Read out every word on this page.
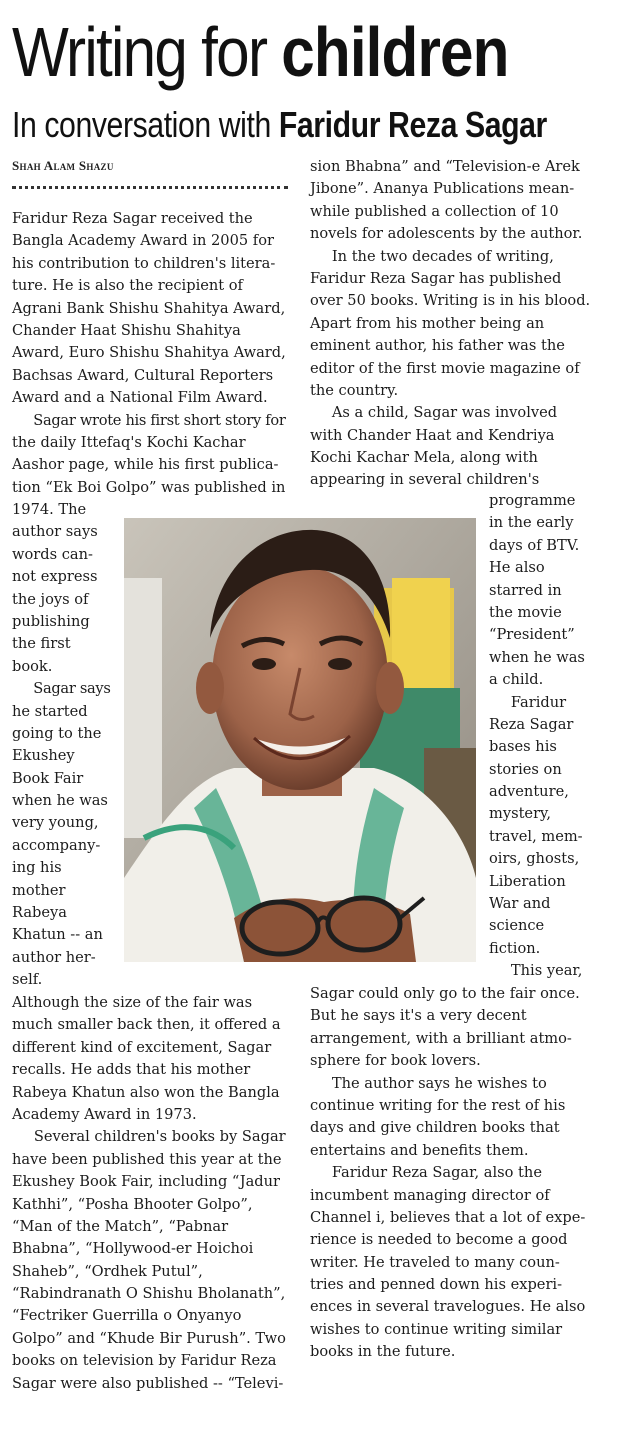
Writing for children
In conversation with Faridur Reza Sagar
Shah Alam Shazu
Faridur Reza Sagar received the
Bangla Academy Award in 2005 for
his contribution to children's litera-
ture. He is also the recipient of
Agrani Bank Shishu Shahitya Award,
Chander Haat Shishu Shahitya
Award, Euro Shishu Shahitya Award,
Bachsas Award, Cultural Reporters
Award and a National Film Award.
  Sagar wrote his first short story for
the daily Ittefaq's Kochi Kachar
Aashor page, while his first publica-
tion “Ek Boi Golpo” was published in
1974. The
author says
words can-
not express
the joys of
publishing
the first
book.
  Sagar says
he started
going to the
Ekushey
Book Fair
when he was
very young,
accompany-
ing his
mother
Rabeya
Khatun -- an
author her-
self.
Although the size of the fair was
much smaller back then, it offered a
different kind of excitement, Sagar
recalls. He adds that his mother
Rabeya Khatun also won the Bangla
Academy Award in 1973.
  Several children's books by Sagar
have been published this year at the
Ekushey Book Fair, including “Jadur
Kathhi”, “Posha Bhooter Golpo”,
“Man of the Match”, “Pabnar
Bhabna”, “Hollywood-er Hoichoi
Shaheb”, “Ordhek Putul”,
“Rabindranath O Shishu Bholanath”,
“Fectriker Guerrilla o Onyanyo
Golpo” and “Khude Bir Purush”. Two
books on television by Faridur Reza
Sagar were also published -- “Televi-
sion Bhabna” and “Television-e Arek
Jibone”. Ananya Publications mean-
while published a collection of 10
novels for adolescents by the author.
  In the two decades of writing,
Faridur Reza Sagar has published
over 50 books. Writing is in his blood.
Apart from his mother being an
eminent author, his father was the
editor of the first movie magazine of
the country.
  As a child, Sagar was involved
with Chander Haat and Kendriya
Kochi Kachar Mela, along with
appearing in several children's
programme
in the early
days of BTV.
He also
starred in
the movie
“President”
when he was
a child.
  Faridur
Reza Sagar
bases his
stories on
adventure,
mystery,
travel, mem-
oirs, ghosts,
Liberation
War and
science
fiction.
  This year,
Sagar could only go to the fair once.
But he says it's a very decent
arrangement, with a brilliant atmo-
sphere for book lovers.
  The author says he wishes to
continue writing for the rest of his
days and give children books that
entertains and benefits them.
  Faridur Reza Sagar, also the
incumbent managing director of
Channel i, believes that a lot of expe-
rience is needed to become a good
writer. He traveled to many coun-
tries and penned down his experi-
ences in several travelogues. He also
wishes to continue writing similar
books in the future.
